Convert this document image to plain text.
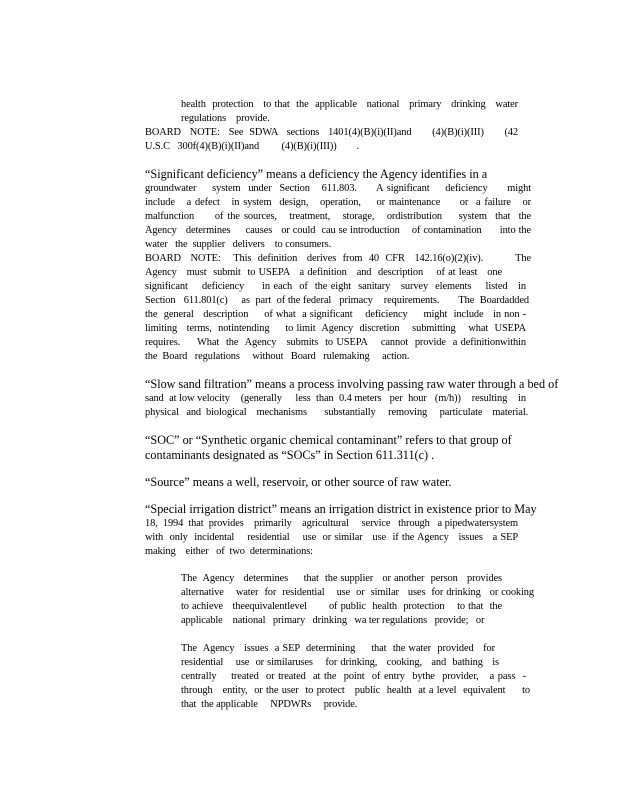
health  protection   to that  the  applicable   national   primary   drinking   water
regulations    provide.
BOARD   NOTE:   See  SDWA   sections   1401(4)(B)(i)(II)and       (4)(B)(i)(III)       (42
U.S.C   300f(4)(B)(i)(II)and         (4)(B)(i)(III))        .
“Significant deficiency” means a deficiency the Agency identifies in a
groundwater    system  under  Section   611.803.     A significant    deficiency     might
include   a defect   in system  design,   operation,    or maintenance     or  a failure   or
malfunction     of the sources,   treatment,   storage,   ordistribution    system  that  the
Agency   determines     causes   or could  cau se introduction    of contamination      into the
water   the  supplier   delivers    to consumers.
BOARD   NOTE:    This  definition   derives  from  40  CFR   142.16(o)(2)(iv).          The
Agency   must  submit  to USEPA   a definition   and  description    of at least   one
significant    deficiency     in each  of  the eight  sanitary   survey  elements    listed   in
Section   611.801(c)     as  part  of the federal   primacy    requirements.       The  Boardadded
the  general   description     of what  a significant    deficiency     might  include   in non -
limiting   terms,  notintending     to limit  Agency  discretion    submitting    what  USEPA
requires.     What  the  Agency   submits  to USEPA    cannot  provide  a definitionwithin
the  Board   regulations     without   Board   rulemaking     action.
“Slow sand filtration” means a process involving passing raw water through a bed of
sand  at low velocity    (generally     less  than  0.4 meters   per  hour   (m/h))    resulting    in
physical   and  biological    mechanisms       substantially     removing     particulate    material.
“SOC” or “Synthetic organic chemical contaminant” refers to that group of
contaminants designated as “SOCs” in Section 611.311(c) .
“Source” means a well, reservoir, or other source of raw water.
“Special irrigation district” means an irrigation district in existence prior to May
18,  1994  that  provides    primarily    agricultural     service   through   a pipedwatersystem
with  only  incidental    residential    use  or similar   use  if the Agency   issues   a SEP
making    either   of  two  determinations:
The  Agency   determines     that  the supplier   or another  person   provides
alternative    water  for  residential    use  or  similar   uses  for drinking   or cooking
to achieve   theequivalentlevel       of public  health  protection    to that  the
applicable    national   primary   drinking   wa ter regulations   provide;   or
The  Agency   issues  a SEP  determining     that  the water  provided   for
residential    use  or similaruses    for drinking,   cooking,   and  bathing   is
centrally    treated  or treated  at the  point  of entry  bythe  provider,   a pass  -
through   entity,  or the user  to protect   public  health  at a level  equivalent     to
that  the applicable     NPDWRs     provide.
